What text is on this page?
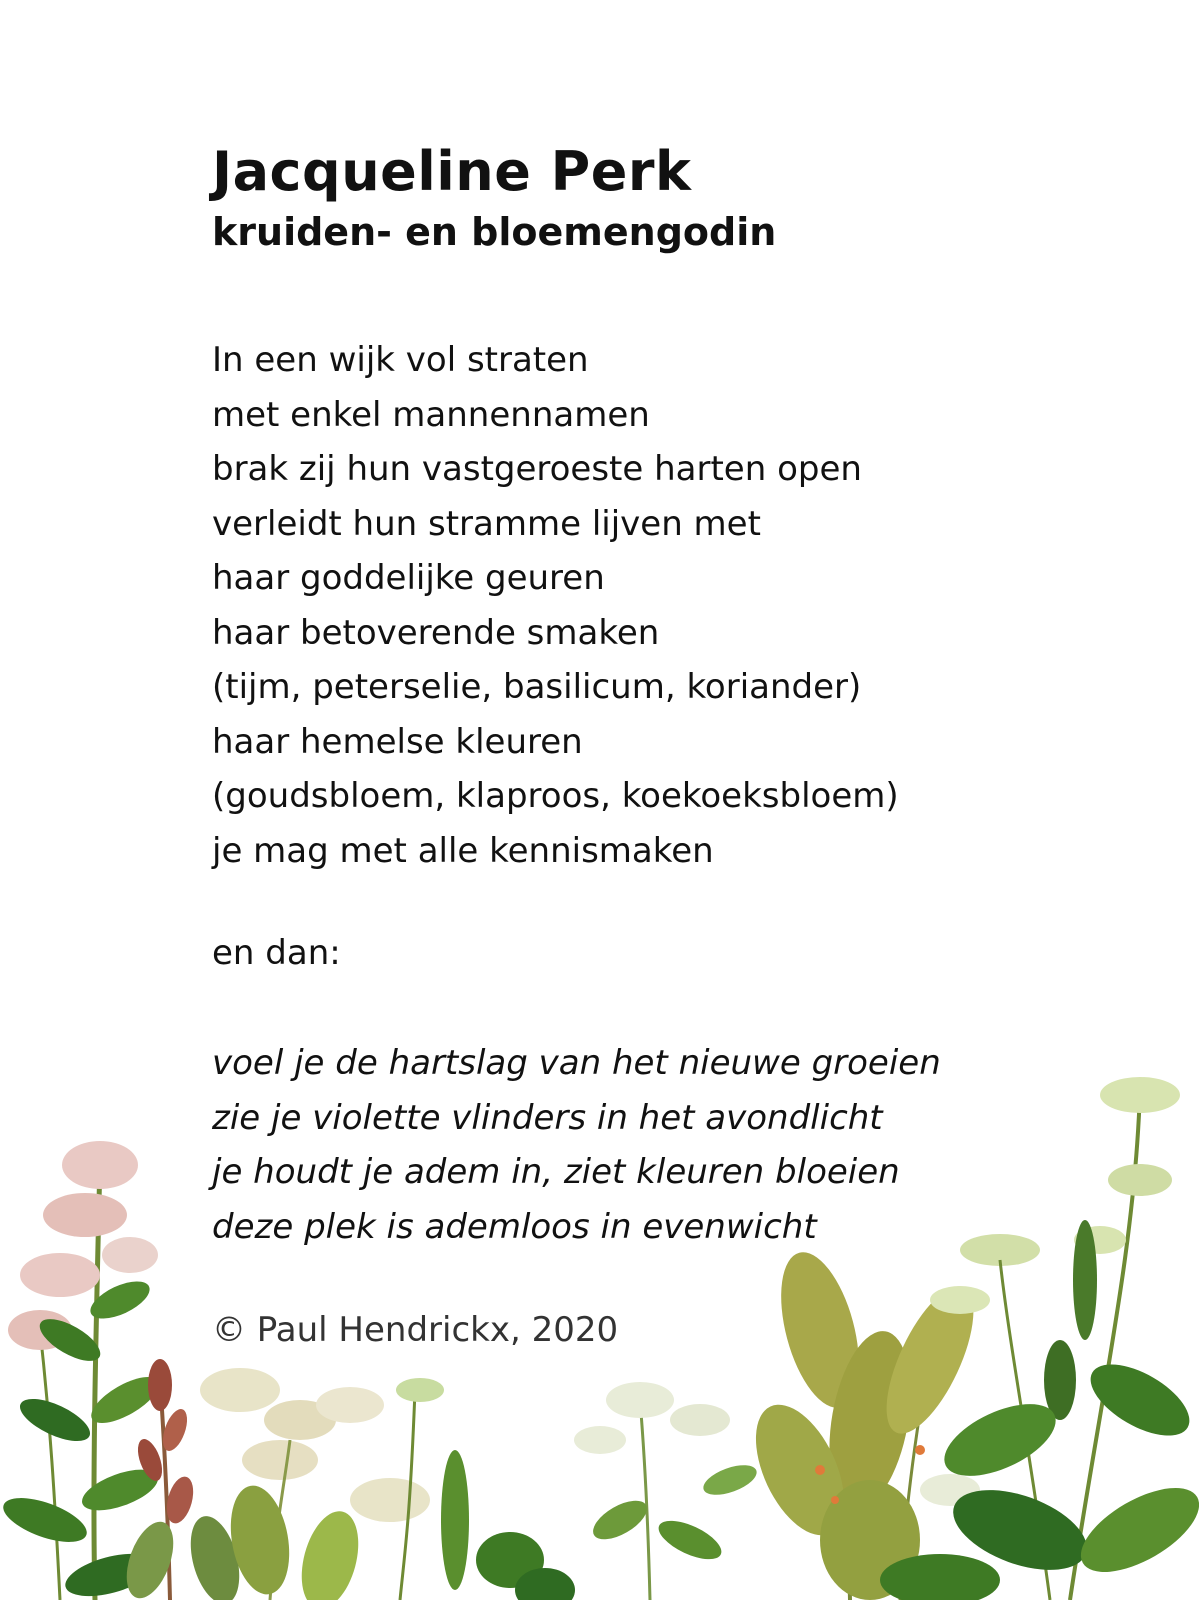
Jacqueline Perk
kruiden- en bloemengodin
In een wijk vol straten
met enkel mannennamen
brak zij hun vastgeroeste harten open
verleidt hun stramme lijven met
haar goddelijke geuren
haar betoverende smaken
(tijm, peterselie, basilicum, koriander)
haar hemelse kleuren
(goudsbloem, klaproos, koekoeksbloem)
je mag met alle kennismaken
en dan:
voel je de hartslag van het nieuwe groeien
zie je violette vlinders in het avondlicht
je houdt je adem in, ziet kleuren bloeien
deze plek is ademloos in evenwicht
© Paul Hendrickx, 2020
